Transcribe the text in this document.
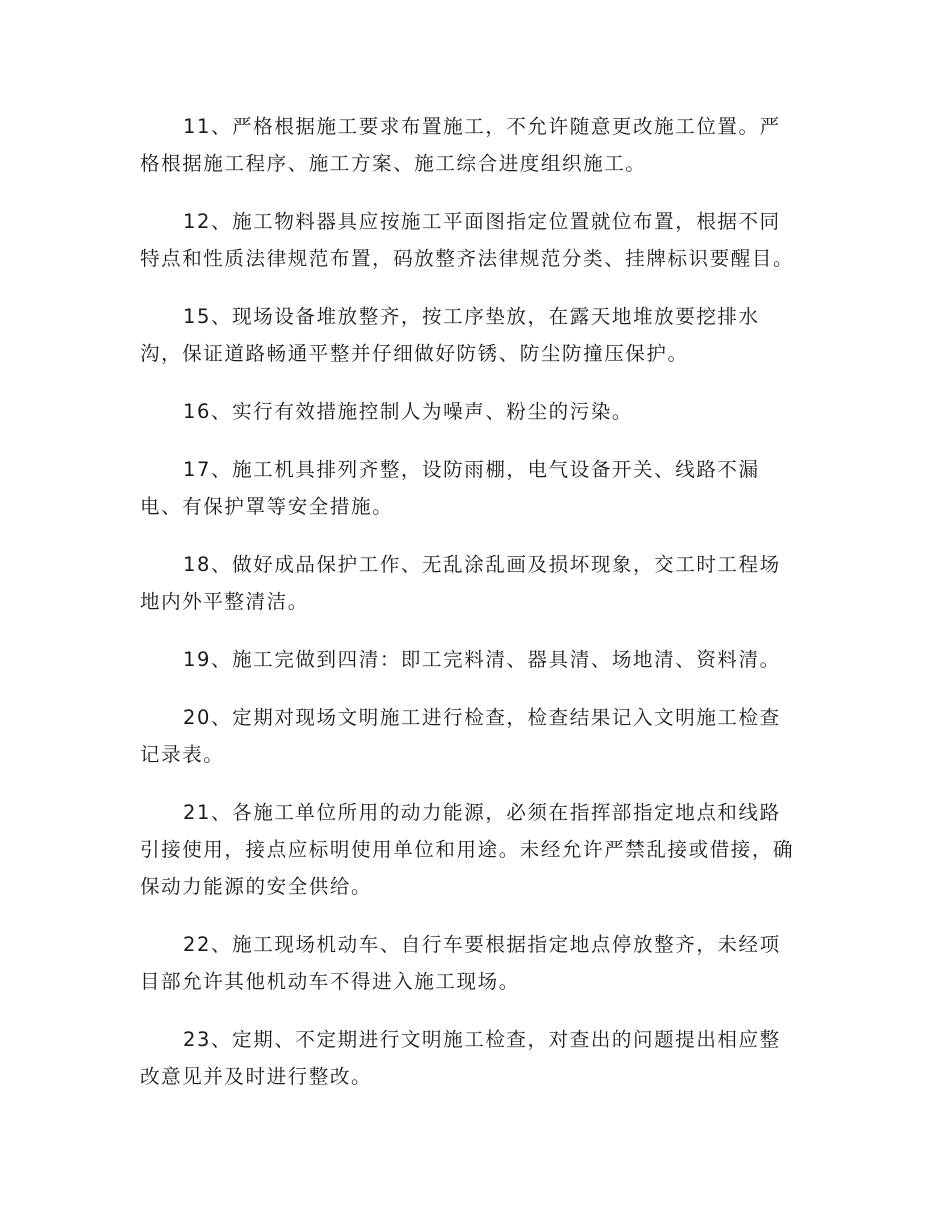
11、严格根据施工要求布置施工，不允许随意更改施工位置。严格根据施工程序、施工方案、施工综合进度组织施工。

12、施工物料器具应按施工平面图指定位置就位布置，根据不同特点和性质法律规范布置，码放整齐法律规范分类、挂牌标识要醒目。

15、现场设备堆放整齐，按工序垫放，在露天地堆放要挖排水沟，保证道路畅通平整并仔细做好防锈、防尘防撞压保护。

16、实行有效措施控制人为噪声、粉尘的污染。

17、施工机具排列齐整，设防雨棚，电气设备开关、线路不漏电、有保护罩等安全措施。

18、做好成品保护工作、无乱涂乱画及损坏现象，交工时工程场地内外平整清洁。

19、施工完做到四清：即工完料清、器具清、场地清、资料清。

20、定期对现场文明施工进行检查，检查结果记入文明施工检查记录表。

21、各施工单位所用的动力能源，必须在指挥部指定地点和线路引接使用，接点应标明使用单位和用途。未经允许严禁乱接或借接，确保动力能源的安全供给。

22、施工现场机动车、自行车要根据指定地点停放整齐，未经项目部允许其他机动车不得进入施工现场。

23、定期、不定期进行文明施工检查，对查出的问题提出相应整改意见并及时进行整改。
